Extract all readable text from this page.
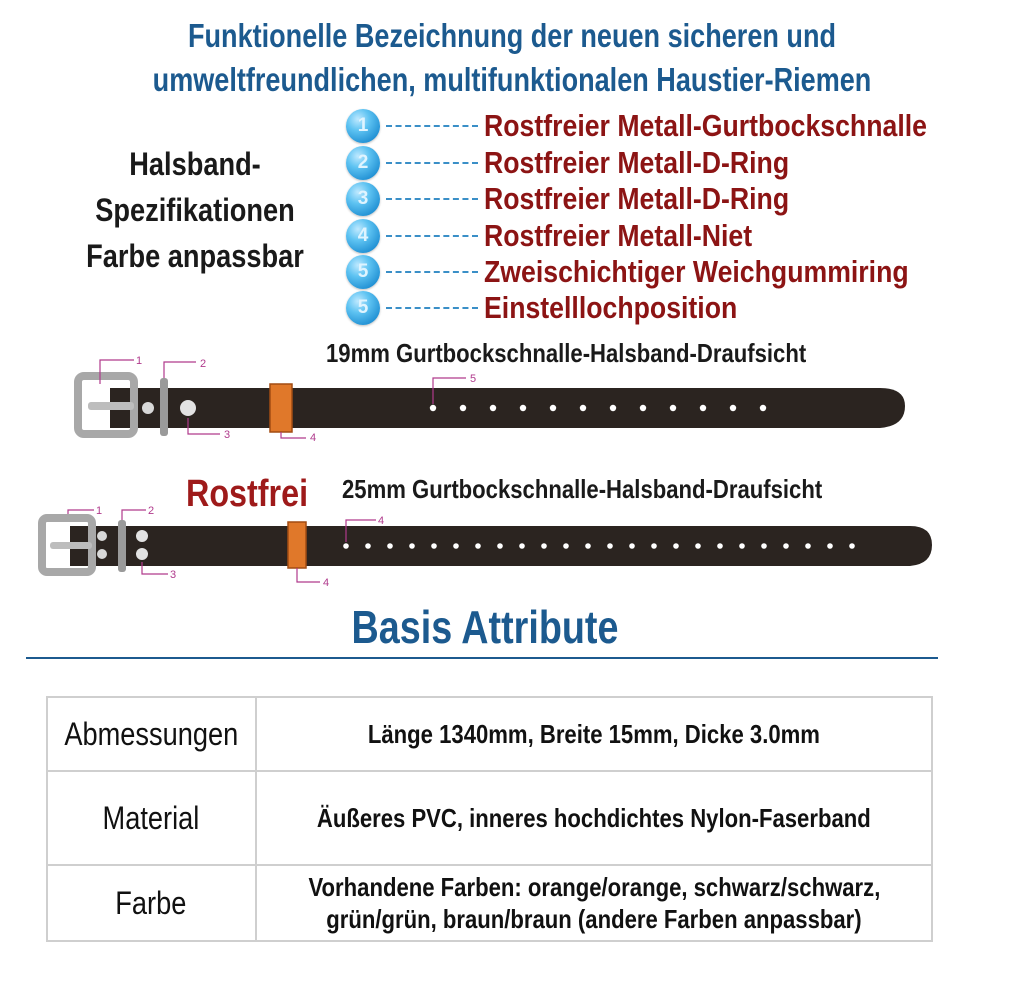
Funktionelle Bezeichnung der neuen sicheren und
umweltfreundlichen, multifunktionalen Haustier-Riemen
Halsband-
Spezifikationen
Farbe anpassbar
1	Rostfreier Metall-Gurtbockschnalle
2	Rostfreier Metall-D-Ring
3	Rostfreier Metall-D-Ring
4	Rostfreier Metall-Niet
5	Zweischichtiger Weichgummiring
5	Einstelllochposition
19mm Gurtbockschnalle-Halsband-Draufsicht
1	2
3	4
5
Rostfrei 25mm Gurtbockschnalle-Halsband-Draufsicht
1	2
3
4
4
Basis Attribute
Abmessungen	Länge 1340mm, Breite 15mm, Dicke 3.0mm
Material	Äußeres PVC, inneres hochdichtes Nylon-Faserband
Farbe	Vorhandene Farben: orange/orange, schwarz/schwarz,
grün/grün, braun/braun (andere Farben anpassbar)
